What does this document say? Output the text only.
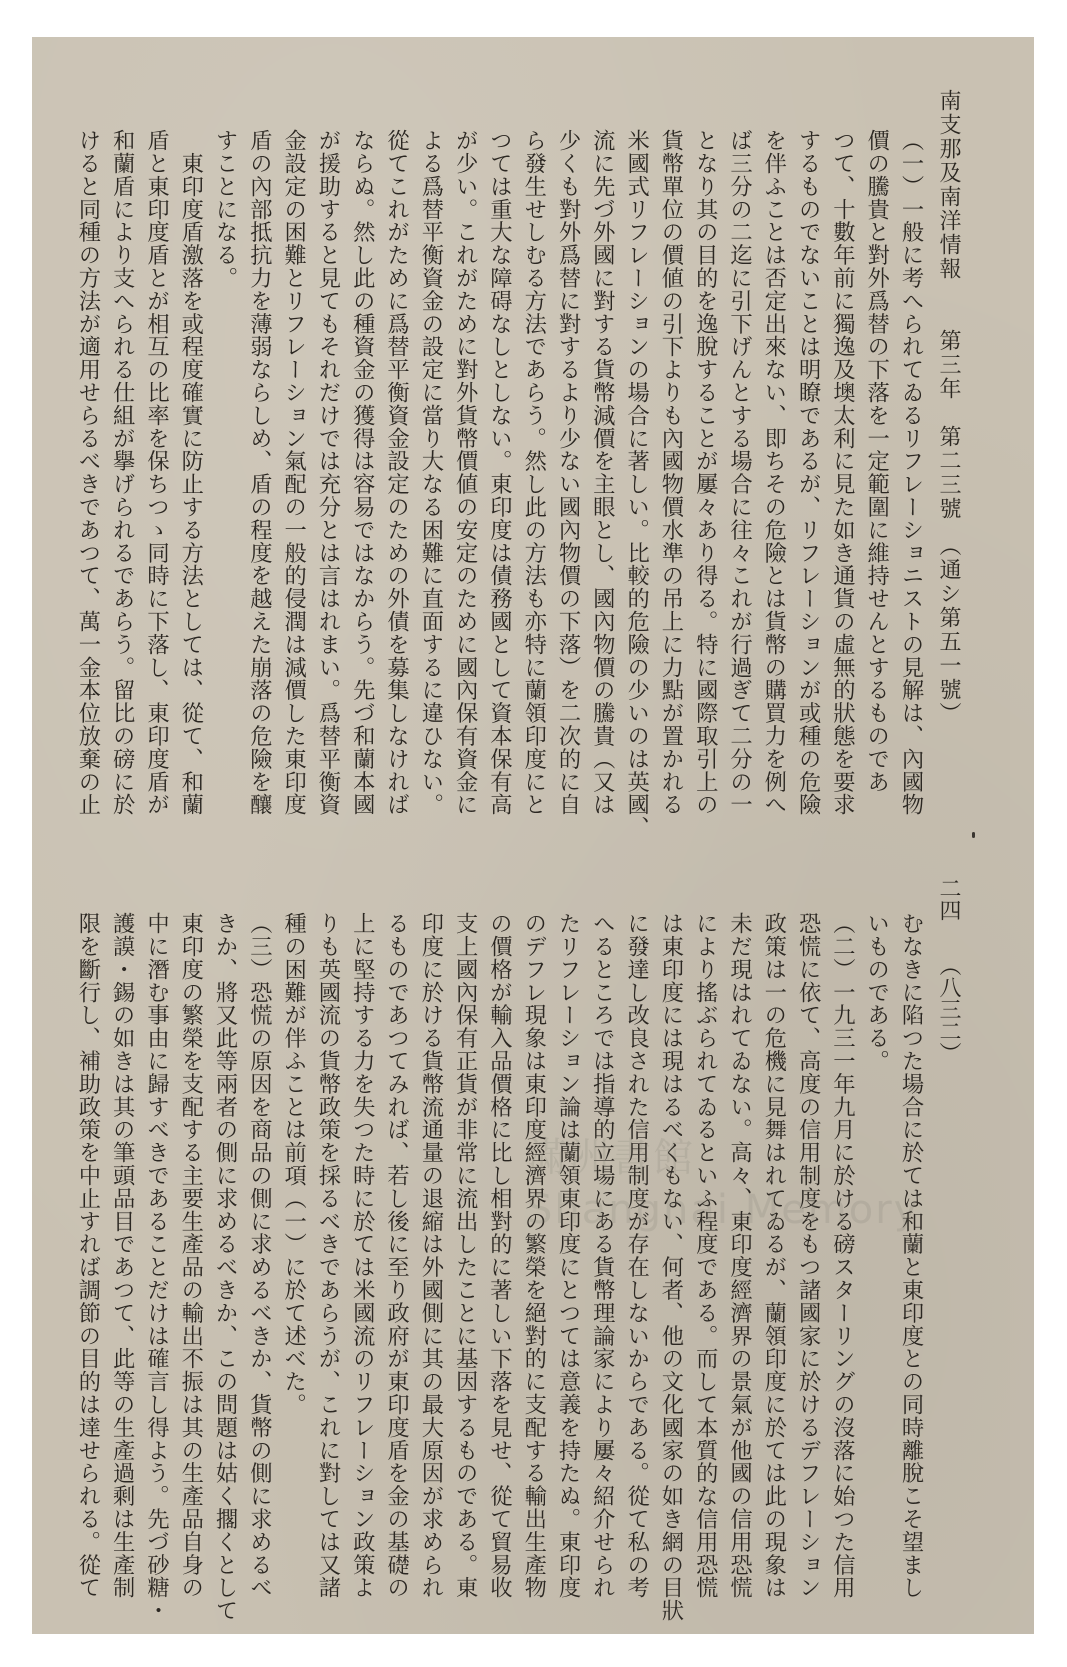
南支那及南洋情報　　第三年　第二三號　（通シ第五一號）
二四　　（八三二）
（一）一般に考へられてゐるリフレーショニストの見解は、內國物
價の騰貴と對外爲替の下落を一定範圍に維持せんとするものであ
つて、十數年前に獨逸及墺太利に見た如き通貨の虛無的狀態を要求
するものでないことは明瞭であるが、リフレーションが或種の危險
を伴ふことは否定出來ない、即ちその危險とは貨幣の購買力を例へ
ば三分の二迄に引下げんとする場合に往々これが行過ぎて二分の一
となり其の目的を逸脫することが屢々あり得る。特に國際取引上の
貨幣單位の價値の引下よりも內國物價水準の吊上に力點が置かれる
米國式リフレーションの場合に著しい。比較的危險の少いのは英國、
流に先づ外國に對する貨幣減價を主眼とし、國內物價の騰貴（又は
少くも對外爲替に對するより少ない國內物價の下落）を二次的に自
ら發生せしむる方法であらう。然し此の方法も亦特に蘭領印度にと
つては重大な障碍なしとしない。東印度は債務國として資本保有高
が少い。これがために對外貨幣價値の安定のために國內保有資金に
よる爲替平衡資金の設定に當り大なる困難に直面するに違ひない。
從てこれがために爲替平衡資金設定のための外債を募集しなければ
ならぬ。然し此の種資金の獲得は容易ではなからう。先づ和蘭本國
が援助すると見てもそれだけでは充分とは言はれまい。爲替平衡資
金設定の困難とリフレーション氣配の一般的侵潤は減價した東印度
盾の內部抵抗力を薄弱ならしめ、盾の程度を越えた崩落の危險を釀
すことになる。
　東印度盾激落を或程度確實に防止する方法としては、從て、和蘭
盾と東印度盾とが相互の比率を保ちつゝ同時に下落し、東印度盾が
和蘭盾により支へられる仕組が擧げられるであらう。留比の磅に於
けると同種の方法が適用せらるべきであつて、萬一金本位放棄の止
むなきに陷つた場合に於ては和蘭と東印度との同時離脫こそ望まし
いものである。
（二）一九三一年九月に於ける磅スターリングの沒落に始つた信用
恐慌に依て、高度の信用制度をもつ諸國家に於けるデフレーション
政策は一の危機に見舞はれてゐるが、蘭領印度に於ては此の現象は
未だ現はれてゐない。高々、東印度經濟界の景氣が他國の信用恐慌
により搖ぶられてゐるといふ程度である。而して本質的な信用恐慌
は東印度には現はるべくもない、何者、他の文化國家の如き網の目狀
に發達し改良された信用制度が存在しないからである。從て私の考
へるところでは指導的立場にある貨幣理論家により屢々紹介せられ
たリフレーション論は蘭領東印度にとつては意義を持たぬ。東印度
のデフレ現象は東印度經濟界の繁榮を絕對的に支配する輸出生產物
の價格が輸入品價格に比し相對的に著しい下落を見せ、從て貿易收
支上國內保有正貨が非常に流出したことに基因するものである。東
印度に於ける貨幣流通量の退縮は外國側に其の最大原因が求められ
るものであつてみれば、若し後に至り政府が東印度盾を金の基礎の
上に堅持する力を失つた時に於ては米國流のリフレーション政策よ
りも英國流の貨幣政策を採るべきであらうが、これに對しては又諸
種の困難が伴ふことは前項（一）に於て述べた。
（三）恐慌の原因を商品の側に求めるべきか、貨幣の側に求めるべ
きか、將又此等兩者の側に求めるべきか、この問題は姑く擱くとして
東印度の繁榮を支配する主要生產品の輸出不振は其の生產品自身の
中に潛む事由に歸すべきであることだけは確言し得よう。先づ砂糖・
護謨・錫の如きは其の筆頭品目であつて、此等の生產過剩は生產制
限を斷行し、補助政策を中止すれば調節の目的は達せられる。從て	滿洲書館
Shanghai Memory
